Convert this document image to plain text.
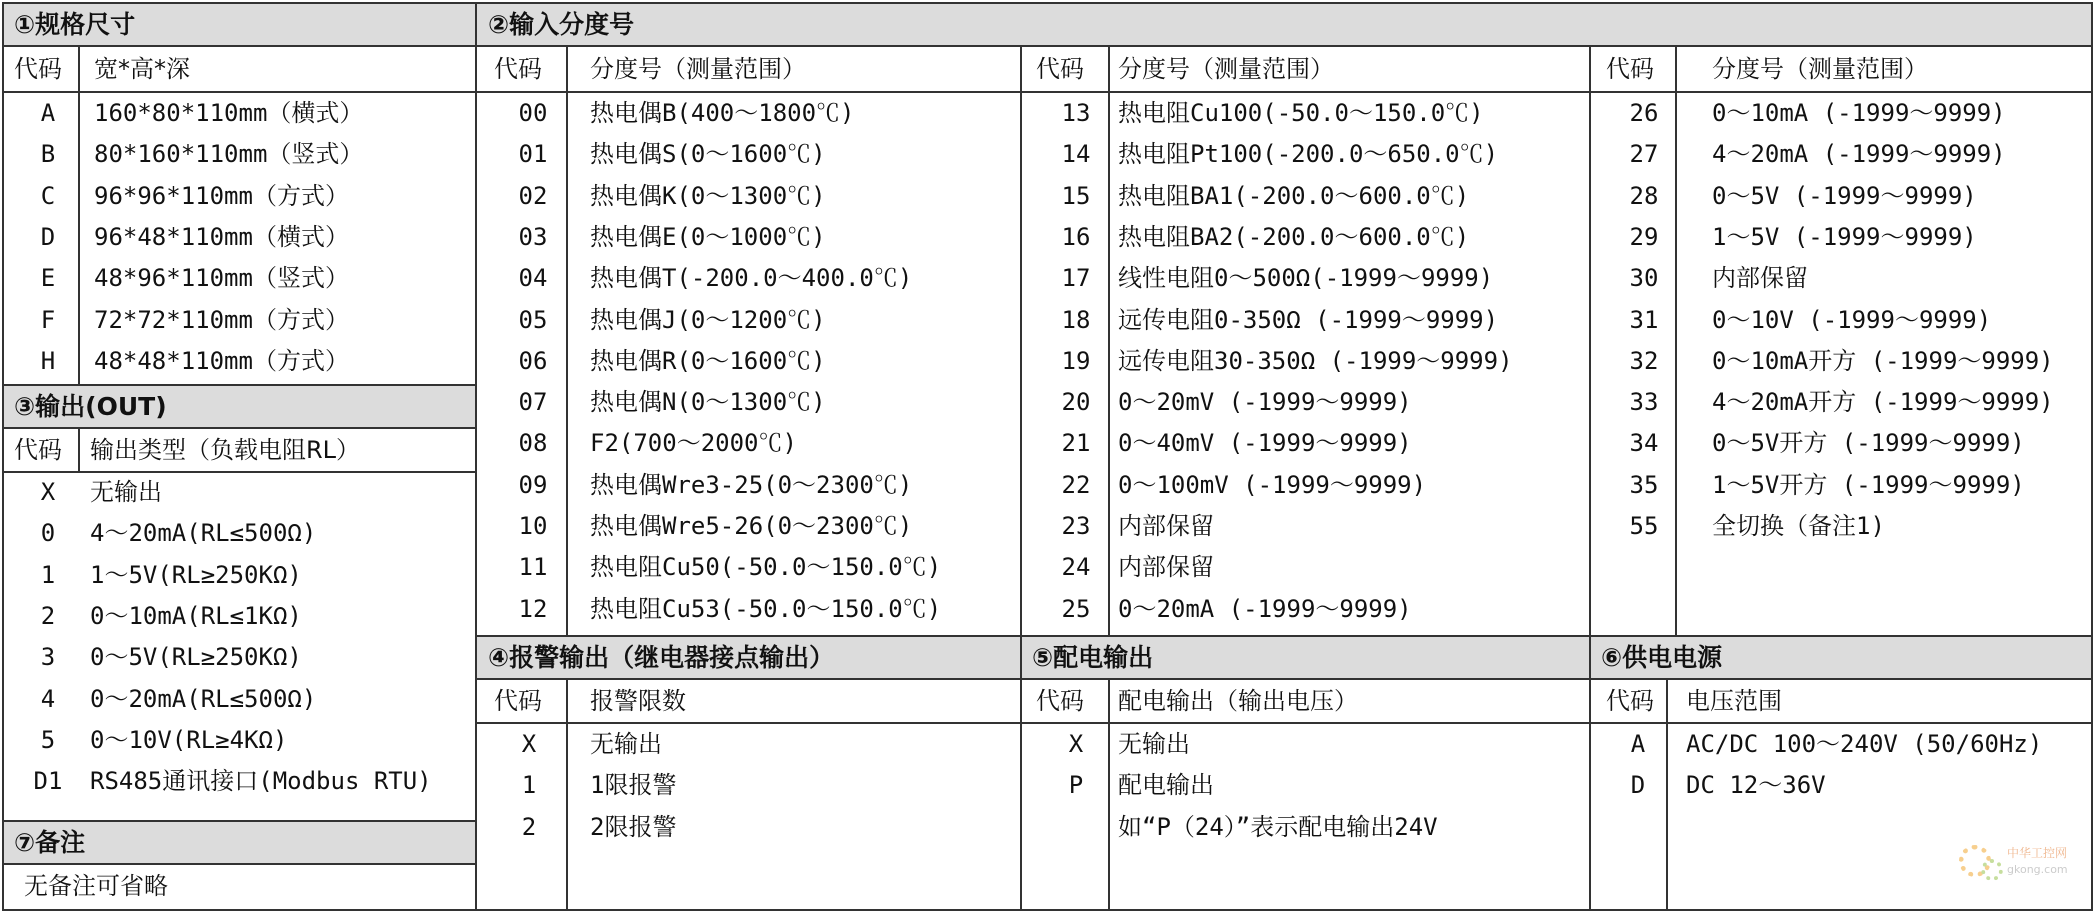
①规格尺寸	②输入分度号
③输出(OUT)
⑦备注
④报警输出（继电器接点输出）	⑤配电输出	⑥供电电源
代码 宽*高*深
代码 输出类型（负载电阻RL）
代码 分度号（测量范围）	代码 分度号（测量范围）	代码 分度号（测量范围）
代码 报警限数	代码 配电输出（输出电压）	代码 电压范围
无备注可省略
A	160*80*110mm（横式）
B	80*160*110mm（竖式）
C	96*96*110mm（方式）
D	96*48*110mm（横式）
E	48*96*110mm（竖式）
F	72*72*110mm（方式）
H	48*48*110mm（方式）
X	无输出
0	4～20mA(RL≤500Ω)
1	1～5V(RL≥250KΩ)
2	0～10mA(RL≤1KΩ)
3	0～5V(RL≥250KΩ)
4	0～20mA(RL≤500Ω)
5	0～10V(RL≥4KΩ)
D1 RS485通讯接口(Modbus RTU)
00 热电偶B(400～1800℃)
01 热电偶S(0～1600℃)
02 热电偶K(0～1300℃)
03 热电偶E(0～1000℃)
04 热电偶T(-200.0～400.0℃)
05 热电偶J(0～1200℃)
06 热电偶R(0～1600℃)
07 热电偶N(0～1300℃)
08 F2(700～2000℃)
09 热电偶Wre3-25(0～2300℃)
10 热电偶Wre5-26(0～2300℃)
11 热电阻Cu50(-50.0～150.0℃)
12 热电阻Cu53(-50.0～150.0℃)
13 热电阻Cu100(-50.0～150.0℃)
14 热电阻Pt100(-200.0～650.0℃)
15 热电阻BA1(-200.0～600.0℃)
16 热电阻BA2(-200.0～600.0℃)
17 线性电阻0～500Ω(-1999～9999)
18 远传电阻0-350Ω (-1999～9999)
19 远传电阻30-350Ω (-1999～9999)
20 0～20mV (-1999～9999)
21 0～40mV (-1999～9999)
22 0～100mV (-1999～9999)
23 内部保留
24 内部保留
25 0～20mA (-1999～9999)
26 0～10mA (-1999～9999)
27 4～20mA (-1999～9999)
28 0～5V (-1999～9999)
29 1～5V (-1999～9999)
30 内部保留
31 0～10V (-1999～9999)
32 0～10mA开方 (-1999～9999)
33 4～20mA开方 (-1999～9999)
34 0～5V开方 (-1999～9999)
35 1～5V开方 (-1999～9999)
55 全切换（备注1)
X	无输出
1	1限报警
2	2限报警
X	无输出
P	配电输出
如“P（24）”表示配电输出24V
A	AC/DC 100～240V (50/60Hz)
D	DC 12～36V
中华工控网
gkong.com
